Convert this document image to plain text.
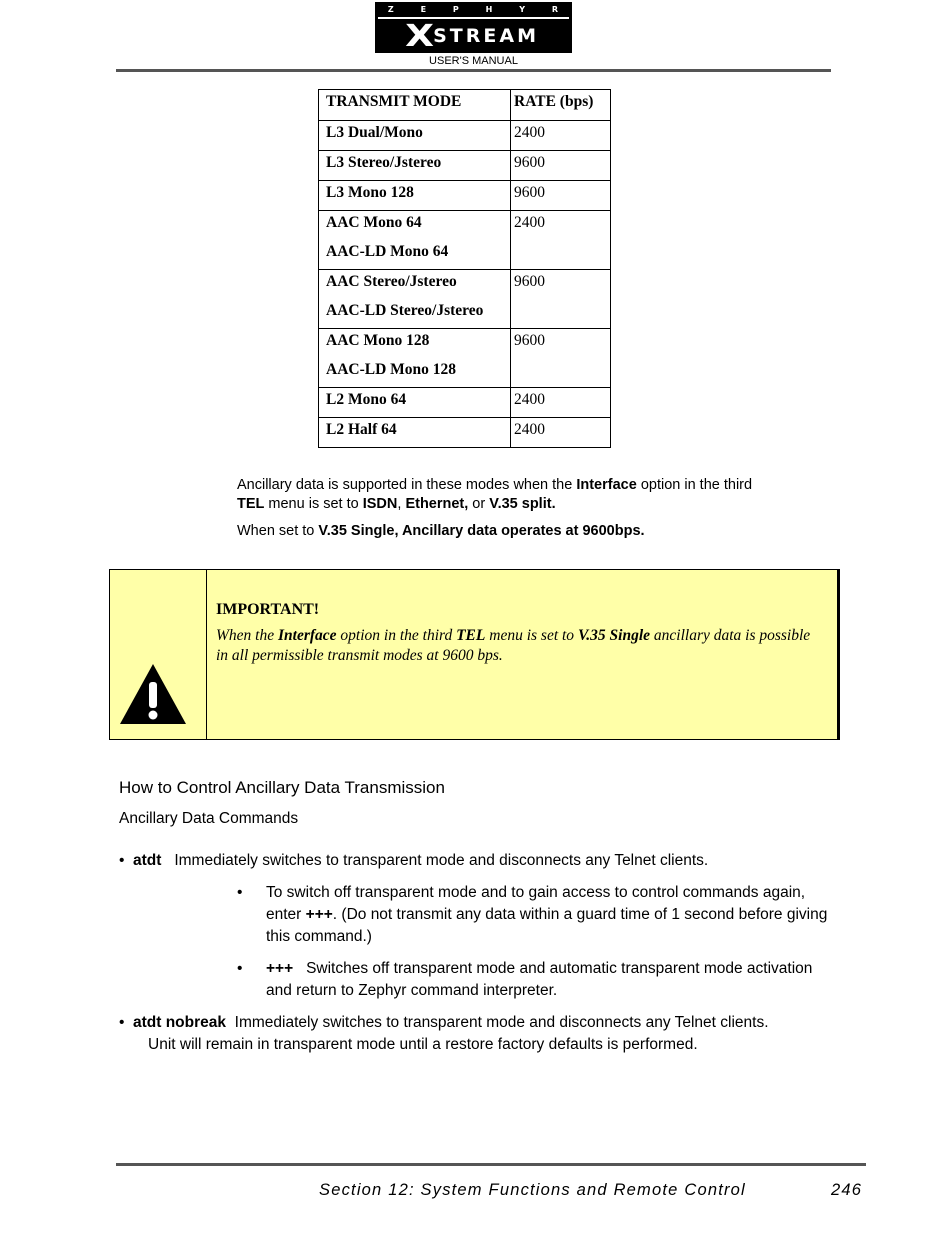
Z	E	P	H	Y	R
X STREAM
USER'S MANUAL
TRANSMIT MODE	RATE (bps)

L3 Dual/Mono	2400

L3 Stereo/Jstereo	9600

L3 Mono 128	9600

AAC Mono 64
AAC-LD Mono 64	2400

AAC Stereo/Jstereo
AAC-LD Stereo/Jstereo	9600

AAC Mono 128
AAC-LD Mono 128	9600

L2 Mono 64	2400

L2 Half 64	2400
Ancillary data is supported in these modes when the Interface option in the third TEL menu is set to ISDN, Ethernet, or V.35 split.
When set to V.35 Single, Ancillary data operates at 9600bps.
IMPORTANT!
When the Interface option in the third TEL menu is set to V.35 Single ancillary data is possible in all permissible transmit modes at 9600 bps.
How to Control Ancillary Data Transmission
Ancillary Data Commands
• atdt Immediately switches to transparent mode and disconnects any Telnet clients.
• To switch off transparent mode and to gain access to control commands again, enter +++. (Do not transmit any data within a guard time of 1 second before giving this command.)
• +++ Switches off transparent mode and automatic transparent mode activation and return to Zephyr command interpreter.
• atdt nobreak Immediately switches to transparent mode and disconnects any Telnet clients.
Unit will remain in transparent mode until a restore factory defaults is performed.
Section 12: System Functions and Remote Control	246
